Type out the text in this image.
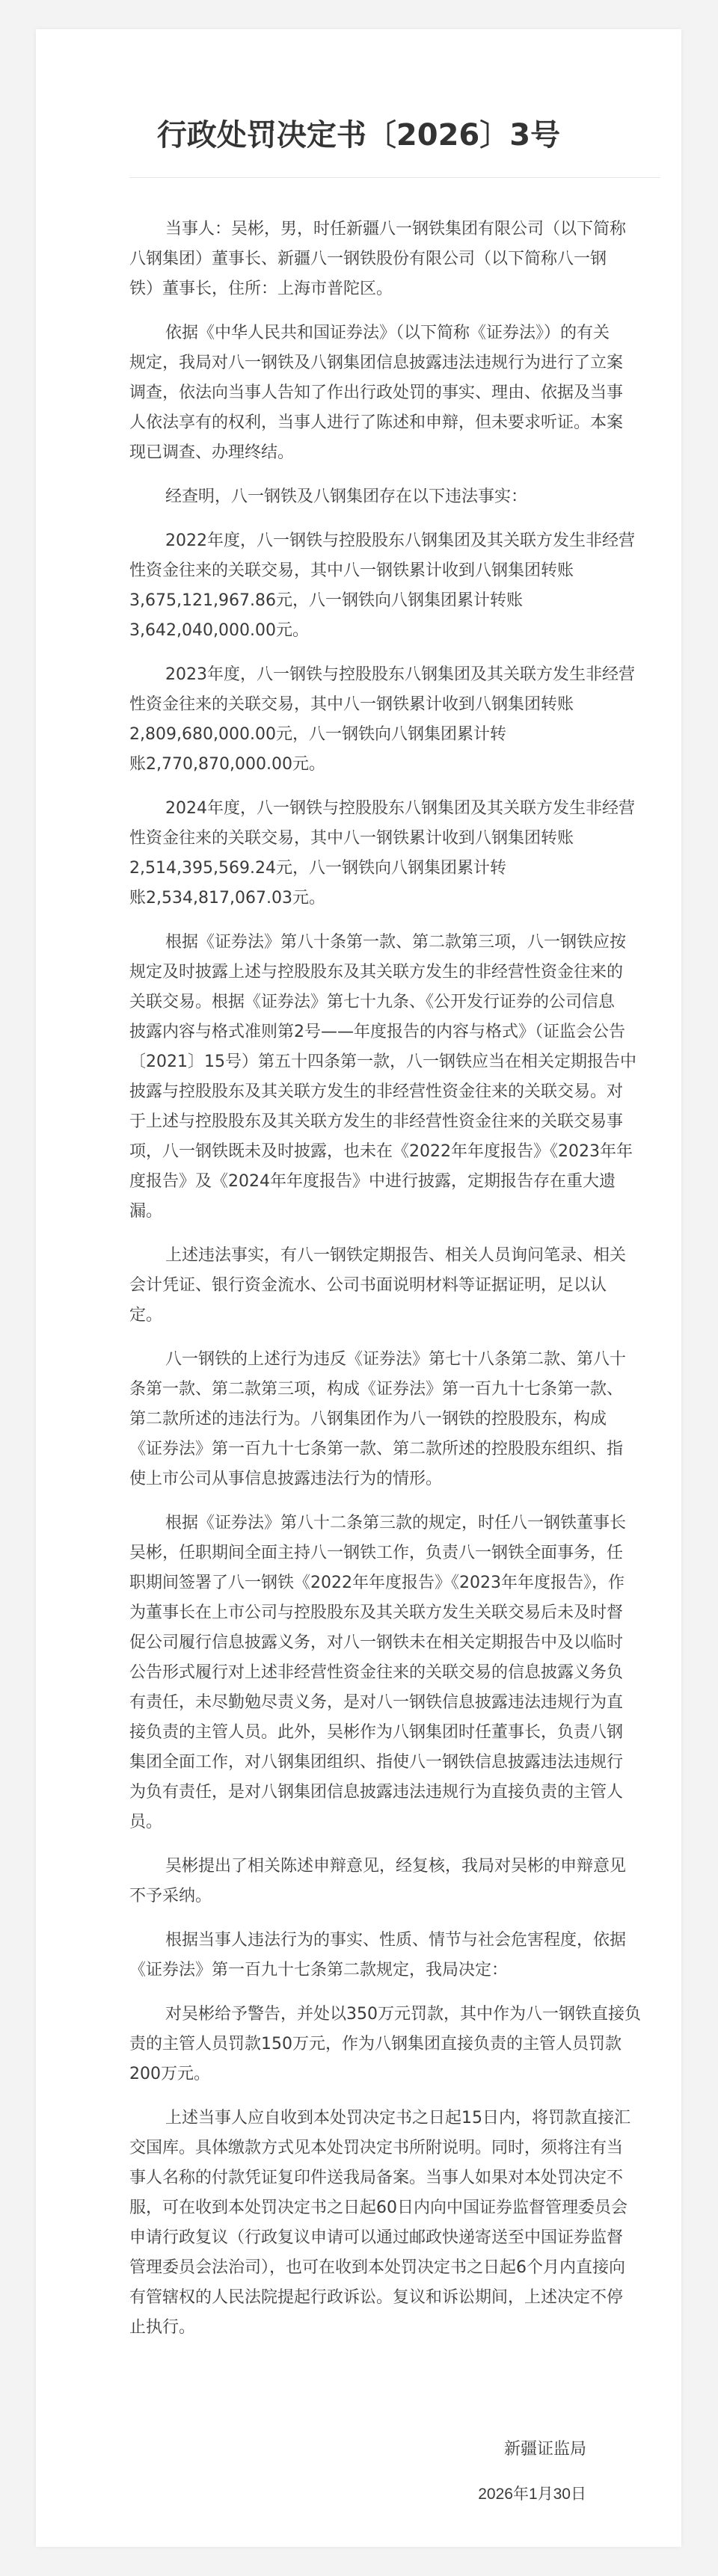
行政处罚决定书〔2026〕3号

当事人：吴彬，男，时任新疆八一钢铁集团有限公司（以下简称
八钢集团）董事长、新疆八一钢铁股份有限公司（以下简称八一钢
铁）董事长，住所：上海市普陀区。

依据《中华人民共和国证券法》（以下简称《证券法》）的有关
规定，我局对八一钢铁及八钢集团信息披露违法违规行为进行了立案
调查，依法向当事人告知了作出行政处罚的事实、理由、依据及当事
人依法享有的权利，当事人进行了陈述和申辩，但未要求听证。本案
现已调查、办理终结。

经查明，八一钢铁及八钢集团存在以下违法事实：

2022年度，八一钢铁与控股股东八钢集团及其关联方发生非经营
性资金往来的关联交易，其中八一钢铁累计收到八钢集团转账
3,675,121,967.86元，八一钢铁向八钢集团累计转账
3,642,040,000.00元。

2023年度，八一钢铁与控股股东八钢集团及其关联方发生非经营
性资金往来的关联交易，其中八一钢铁累计收到八钢集团转账
2,809,680,000.00元，八一钢铁向八钢集团累计转
账2,770,870,000.00元。

2024年度，八一钢铁与控股股东八钢集团及其关联方发生非经营
性资金往来的关联交易，其中八一钢铁累计收到八钢集团转账
2,514,395,569.24元，八一钢铁向八钢集团累计转
账2,534,817,067.03元。

根据《证券法》第八十条第一款、第二款第三项，八一钢铁应按
规定及时披露上述与控股股东及其关联方发生的非经营性资金往来的
关联交易。根据《证券法》第七十九条、《公开发行证券的公司信息
披露内容与格式准则第2号——年度报告的内容与格式》（证监会公告
〔2021〕15号）第五十四条第一款，八一钢铁应当在相关定期报告中
披露与控股股东及其关联方发生的非经营性资金往来的关联交易。对
于上述与控股股东及其关联方发生的非经营性资金往来的关联交易事
项，八一钢铁既未及时披露，也未在《2022年年度报告》《2023年年
度报告》及《2024年年度报告》中进行披露，定期报告存在重大遗
漏。

上述违法事实，有八一钢铁定期报告、相关人员询问笔录、相关
会计凭证、银行资金流水、公司书面说明材料等证据证明，足以认
定。

八一钢铁的上述行为违反《证券法》第七十八条第二款、第八十
条第一款、第二款第三项，构成《证券法》第一百九十七条第一款、
第二款所述的违法行为。八钢集团作为八一钢铁的控股股东，构成
《证券法》第一百九十七条第一款、第二款所述的控股股东组织、指
使上市公司从事信息披露违法行为的情形。

根据《证券法》第八十二条第三款的规定，时任八一钢铁董事长
吴彬，任职期间全面主持八一钢铁工作，负责八一钢铁全面事务，任
职期间签署了八一钢铁《2022年年度报告》《2023年年度报告》，作
为董事长在上市公司与控股股东及其关联方发生关联交易后未及时督
促公司履行信息披露义务，对八一钢铁未在相关定期报告中及以临时
公告形式履行对上述非经营性资金往来的关联交易的信息披露义务负
有责任，未尽勤勉尽责义务，是对八一钢铁信息披露违法违规行为直
接负责的主管人员。此外，吴彬作为八钢集团时任董事长，负责八钢
集团全面工作，对八钢集团组织、指使八一钢铁信息披露违法违规行
为负有责任，是对八钢集团信息披露违法违规行为直接负责的主管人
员。

吴彬提出了相关陈述申辩意见，经复核，我局对吴彬的申辩意见
不予采纳。

根据当事人违法行为的事实、性质、情节与社会危害程度，依据
《证券法》第一百九十七条第二款规定，我局决定：

对吴彬给予警告，并处以350万元罚款，其中作为八一钢铁直接负
责的主管人员罚款150万元，作为八钢集团直接负责的主管人员罚款
200万元。

上述当事人应自收到本处罚决定书之日起15日内，将罚款直接汇
交国库。具体缴款方式见本处罚决定书所附说明。同时，须将注有当
事人名称的付款凭证复印件送我局备案。当事人如果对本处罚决定不
服，可在收到本处罚决定书之日起60日内向中国证券监督管理委员会
申请行政复议（行政复议申请可以通过邮政快递寄送至中国证券监督
管理委员会法治司），也可在收到本处罚决定书之日起6个月内直接向
有管辖权的人民法院提起行政诉讼。复议和诉讼期间，上述决定不停
止执行。

新疆证监局
2026年1月30日
